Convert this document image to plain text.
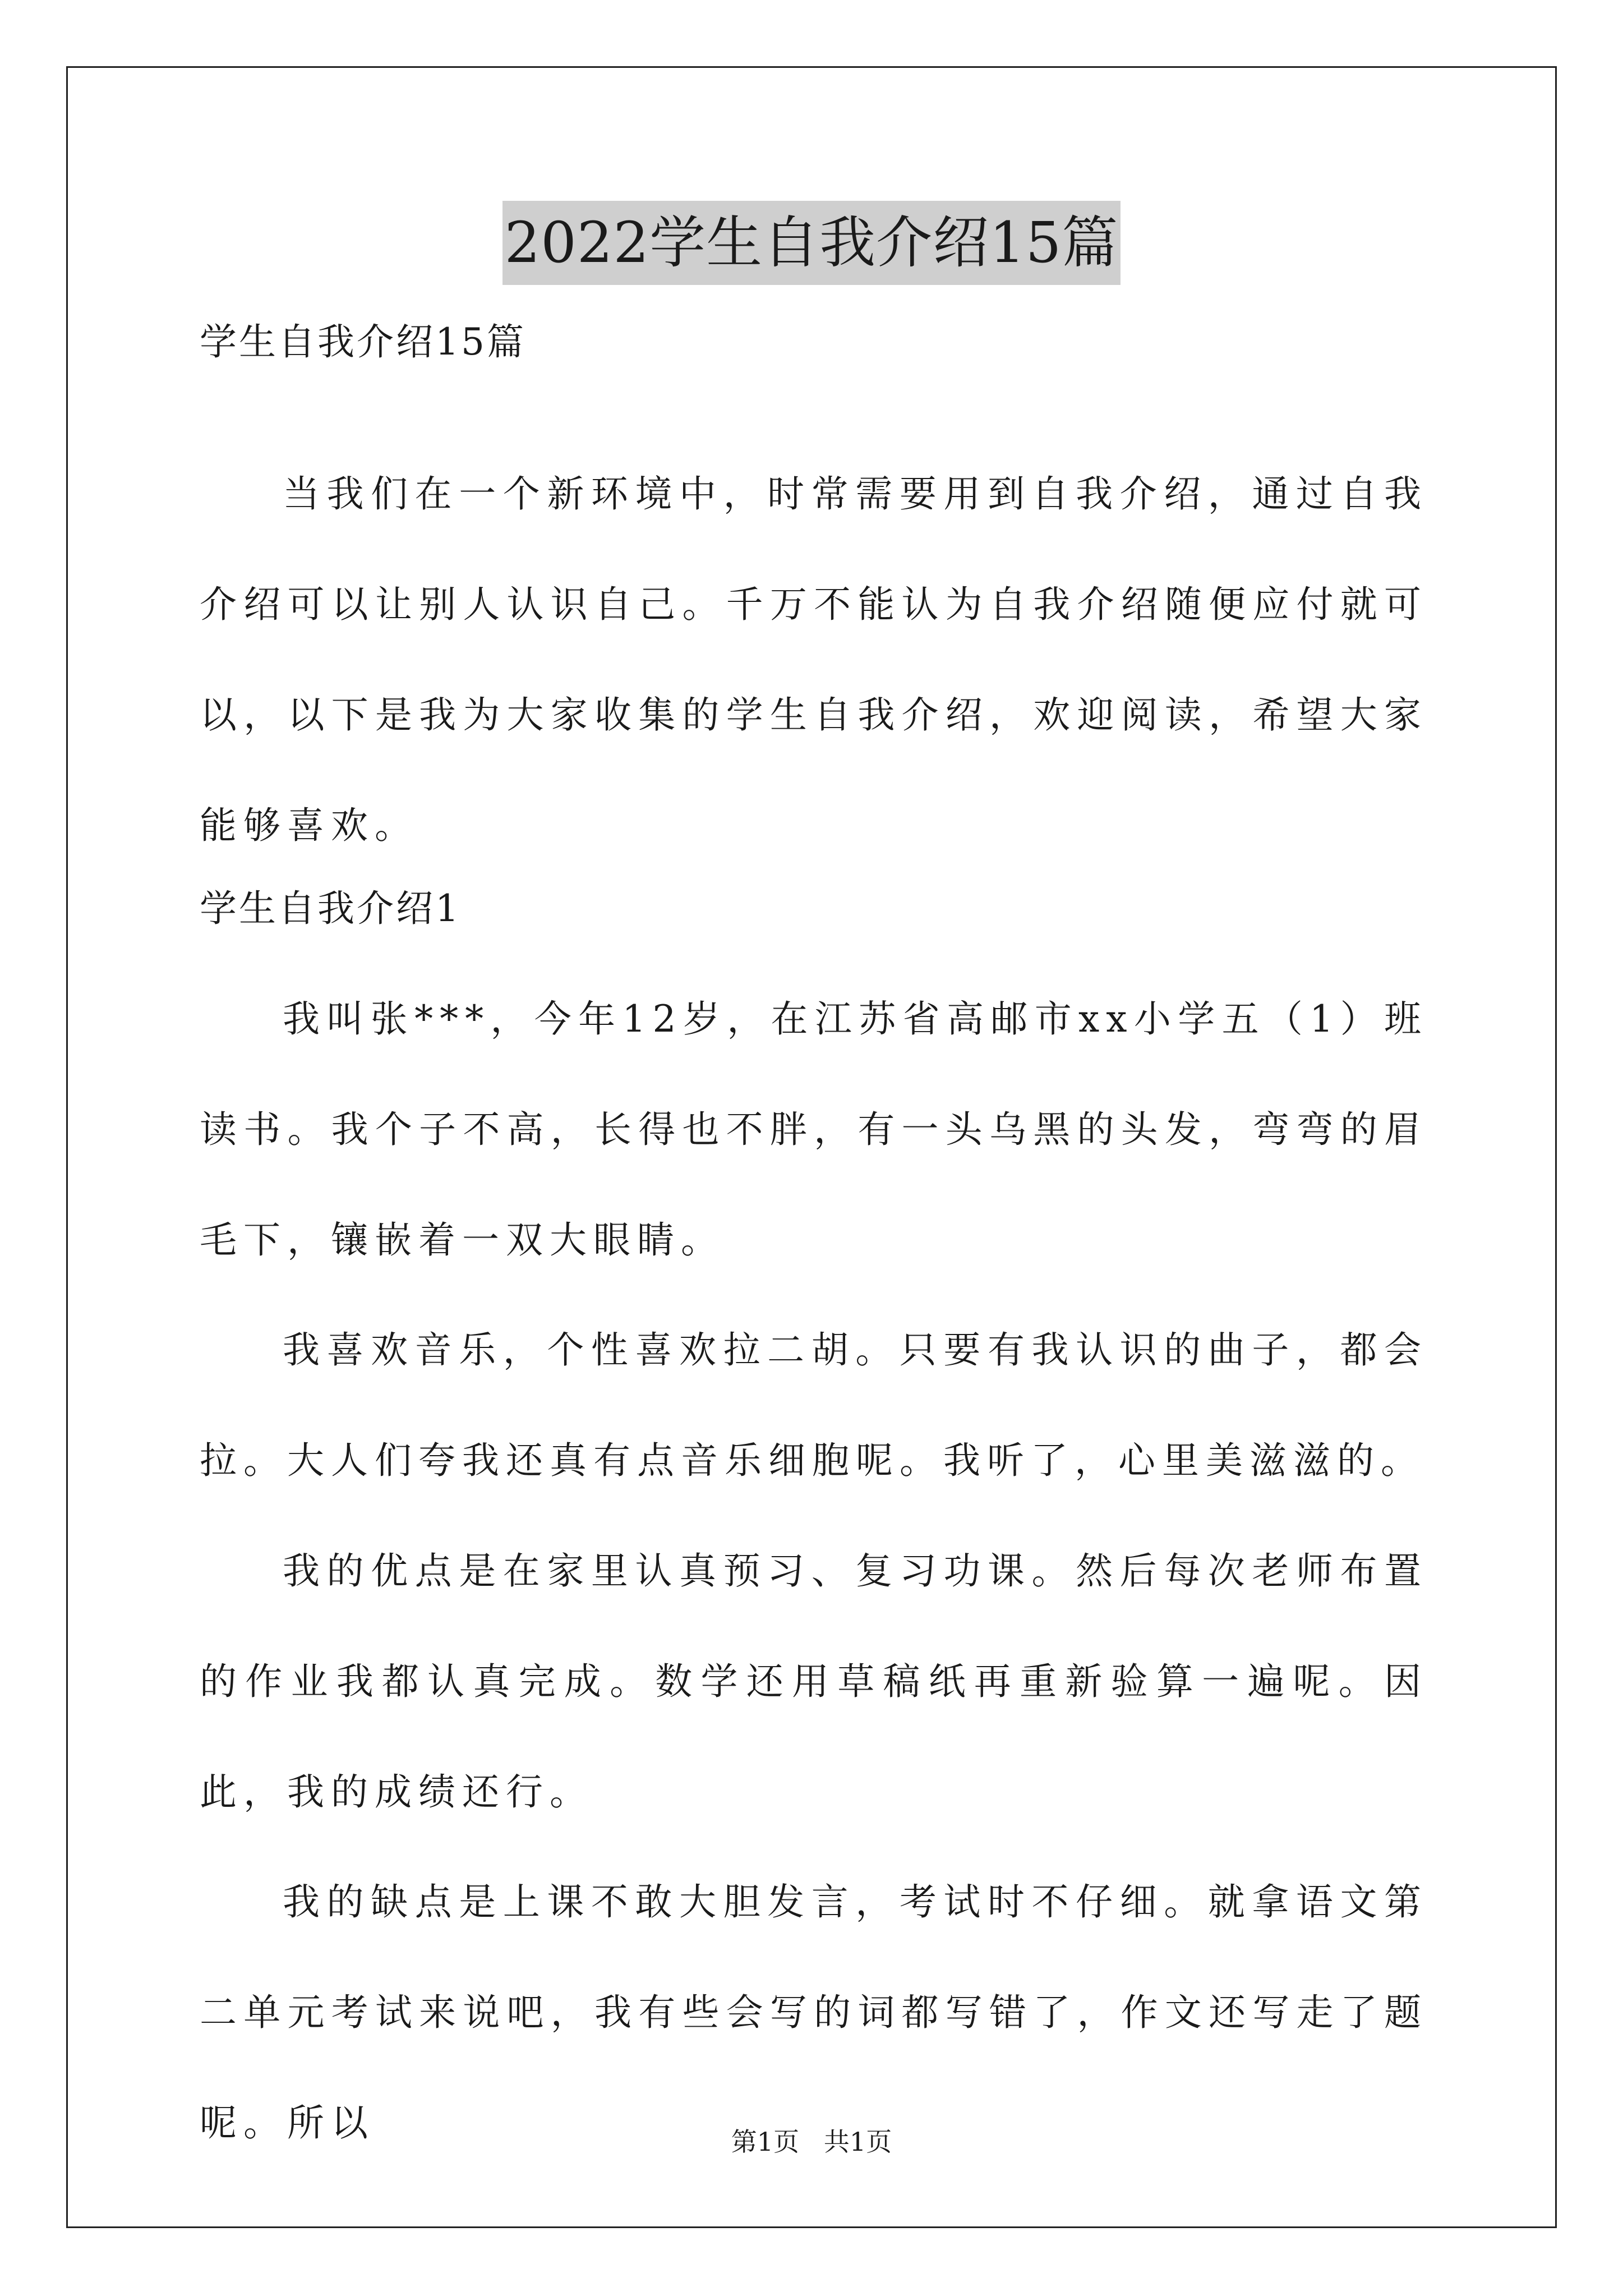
2022学生自我介绍15篇
学生自我介绍15篇

当我们在一个新环境中，时常需要用到自我介绍，通过自我介绍可以让别人认识自己。千万不能认为自我介绍随便应付就可以，以下是我为大家收集的学生自我介绍，欢迎阅读，希望大家能够喜欢。

学生自我介绍1

我叫张***，今年12岁，在江苏省高邮市xx小学五（1）班读书。我个子不高，长得也不胖，有一头乌黑的头发，弯弯的眉毛下，镶嵌着一双大眼睛。

我喜欢音乐，个性喜欢拉二胡。只要有我认识的曲子，都会拉。大人们夸我还真有点音乐细胞呢。我听了，心里美滋滋的。

我的优点是在家里认真预习、复习功课。然后每次老师布置的作业我都认真完成。数学还用草稿纸再重新验算一遍呢。因此，我的成绩还行。

我的缺点是上课不敢大胆发言，考试时不仔细。就拿语文第二单元考试来说吧，我有些会写的词都写错了，作文还写走了题呢。所以	第1页   共1页
